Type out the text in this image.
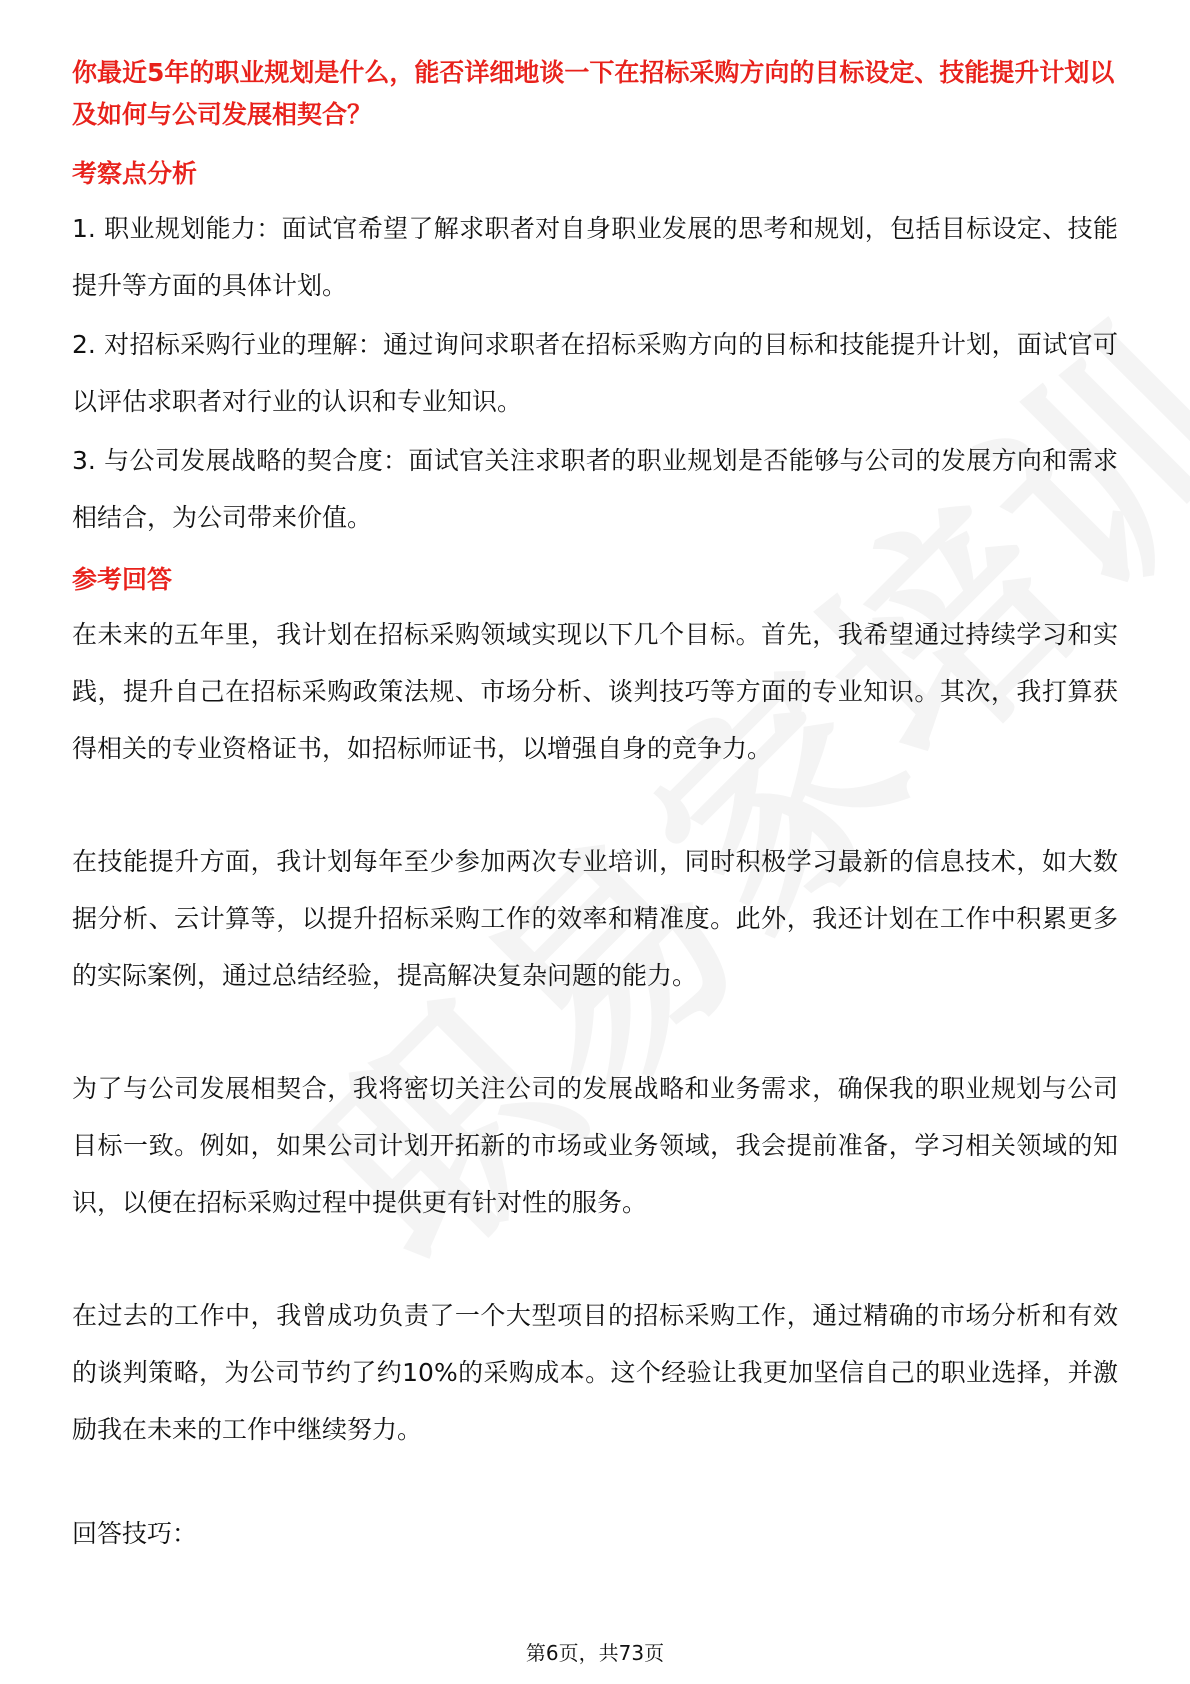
你最近5年的职业规划是什么，能否详细地谈一下在招标采购方向的目标设定、技能提升计划以及如何与公司发展相契合？

考察点分析

1. 职业规划能力：面试官希望了解求职者对自身职业发展的思考和规划，包括目标设定、技能提升等方面的具体计划。

2. 对招标采购行业的理解：通过询问求职者在招标采购方向的目标和技能提升计划，面试官可以评估求职者对行业的认识和专业知识。

3. 与公司发展战略的契合度：面试官关注求职者的职业规划是否能够与公司的发展方向和需求相结合，为公司带来价值。

参考回答

在未来的五年里，我计划在招标采购领域实现以下几个目标。首先，我希望通过持续学习和实践，提升自己在招标采购政策法规、市场分析、谈判技巧等方面的专业知识。其次，我打算获得相关的专业资格证书，如招标师证书，以增强自身的竞争力。

在技能提升方面，我计划每年至少参加两次专业培训，同时积极学习最新的信息技术，如大数据分析、云计算等，以提升招标采购工作的效率和精准度。此外，我还计划在工作中积累更多的实际案例，通过总结经验，提高解决复杂问题的能力。

为了与公司发展相契合，我将密切关注公司的发展战略和业务需求，确保我的职业规划与公司目标一致。例如，如果公司计划开拓新的市场或业务领域，我会提前准备，学习相关领域的知识，以便在招标采购过程中提供更有针对性的服务。

在过去的工作中，我曾成功负责了一个大型项目的招标采购工作，通过精确的市场分析和有效的谈判策略，为公司节约了约10%的采购成本。这个经验让我更加坚信自己的职业选择，并激励我在未来的工作中继续努力。

回答技巧：

第6页，共73页
